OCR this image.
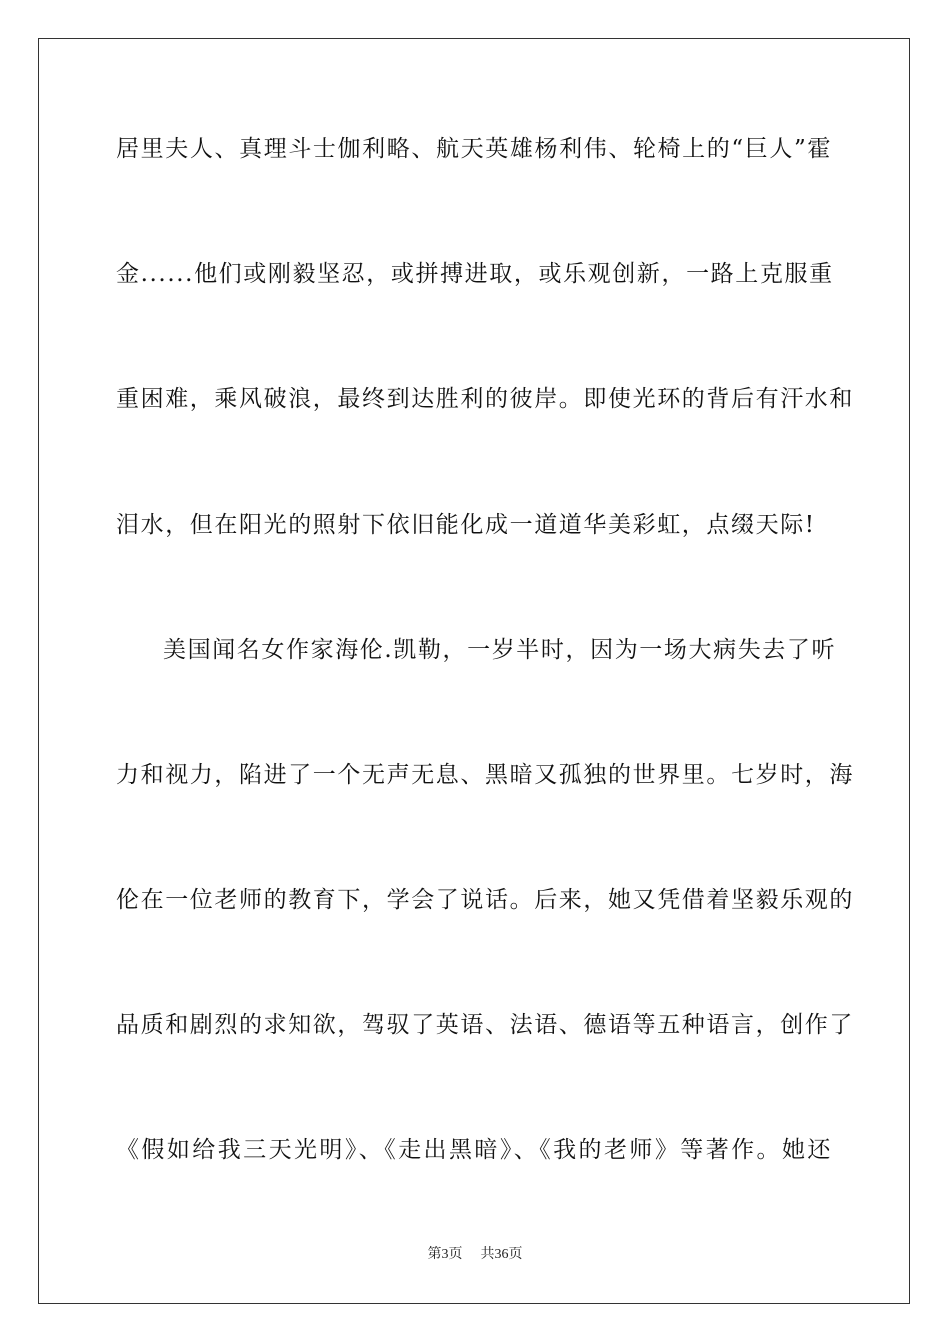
居里夫人、真理斗士伽利略、航天英雄杨利伟、轮椅上的“巨人”霍
金......他们或刚毅坚忍，或拼搏进取，或乐观创新，一路上克服重
重困难，乘风破浪，最终到达胜利的彼岸。即使光环的背后有汗水和
泪水，但在阳光的照射下依旧能化成一道道华美彩虹，点缀天际!
美国闻名女作家海伦.凯勒，一岁半时，因为一场大病失去了听
力和视力，陷进了一个无声无息、黑暗又孤独的世界里。七岁时，海
伦在一位老师的教育下，学会了说话。后来，她又凭借着坚毅乐观的
品质和剧烈的求知欲，驾驭了英语、法语、德语等五种语言，创作了
《假如给我三天光明》、《走出黑暗》、《我的老师》等著作。她还
第3页 共36页
